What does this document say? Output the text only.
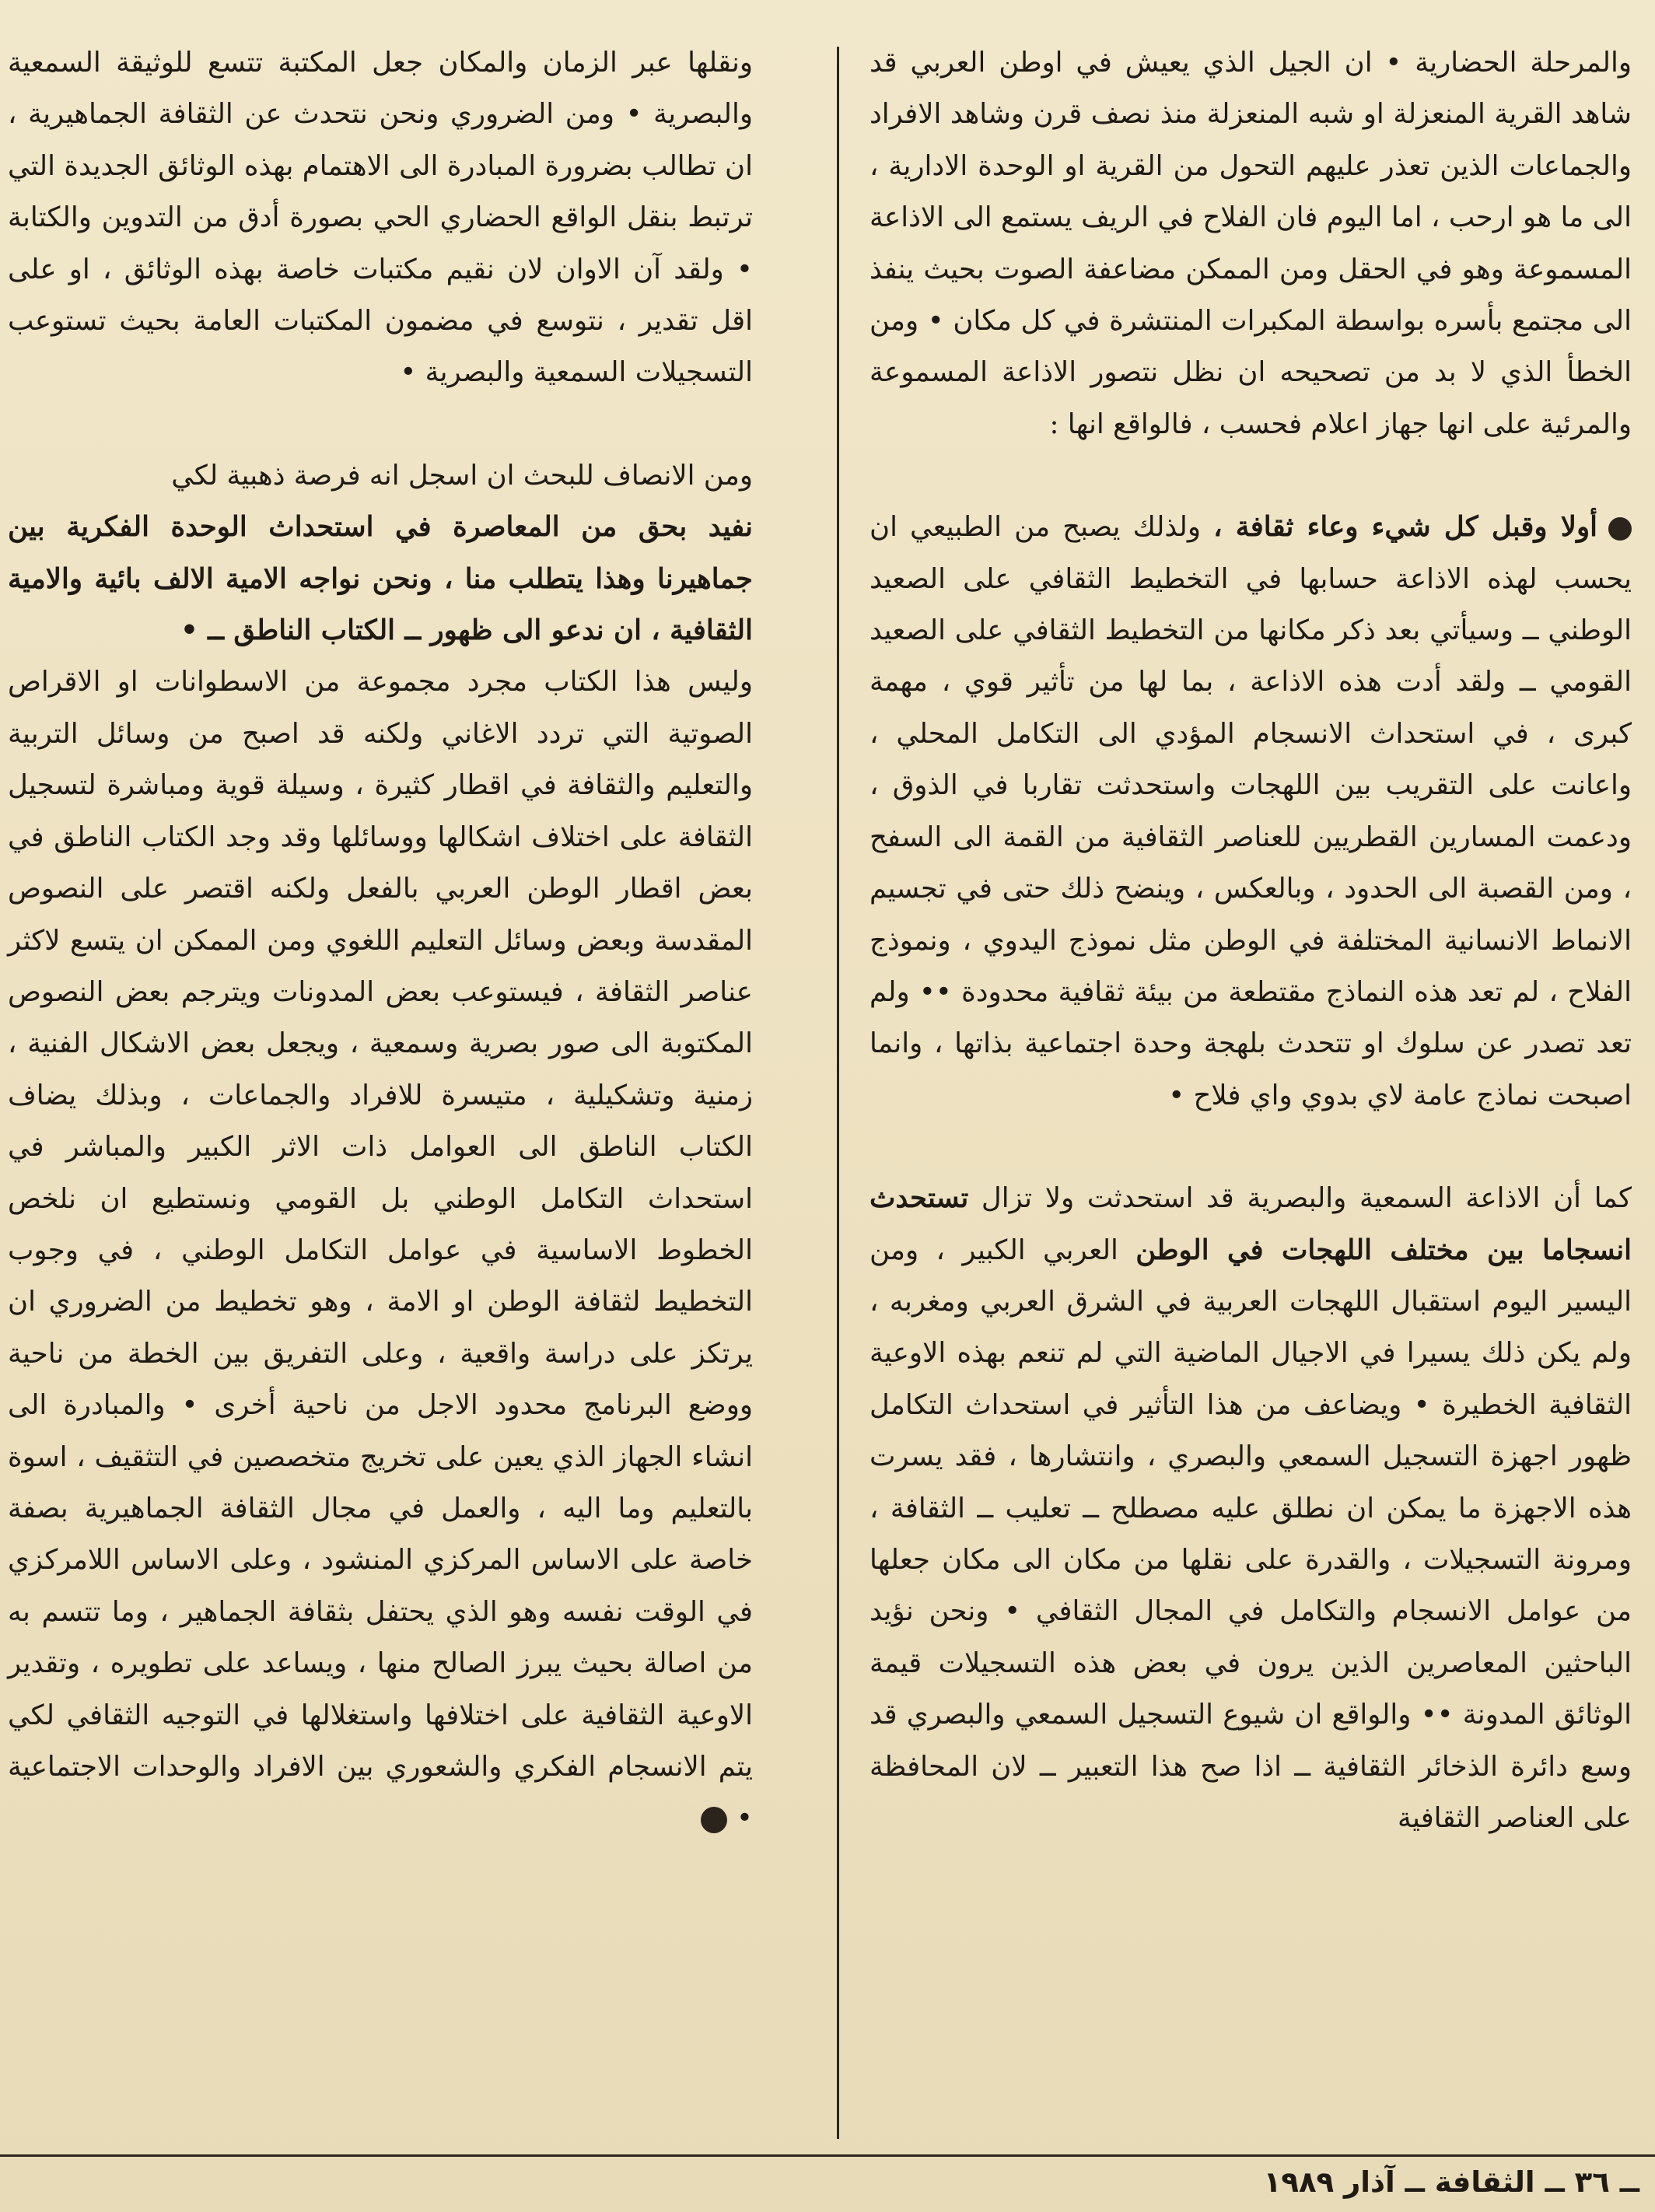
والمرحلة الحضارية • ان الجيل الذي يعيش في اوطن العربي قد شاهد القرية المنعزلة او شبه المنعزلة منذ نصف قرن وشاهد الافراد والجماعات الذين تعذر عليهم التحول من القرية او الوحدة الادارية ، الى ما هو ارحب ، اما اليوم فان الفلاح في الريف يستمع الى الاذاعة المسموعة وهو في الحقل ومن الممكن مضاعفة الصوت بحيث ينفذ الى مجتمع بأسره بواسطة المكبرات المنتشرة في كل مكان • ومن الخطأ الذي لا بد من تصحيحه ان نظل نتصور الاذاعة المسموعة والمرئية على انها جهاز اعلام فحسب ، فالواقع انها :

أولا وقبل كل شيء وعاء ثقافة ، ولذلك يصبح من الطبيعي ان يحسب لهذه الاذاعة حسابها في التخطيط الثقافي على الصعيد الوطني ــ وسيأتي بعد ذكر مكانها من التخطيط الثقافي على الصعيد القومي ــ ولقد أدت هذه الاذاعة ، بما لها من تأثير قوي ، مهمة كبرى ، في استحداث الانسجام المؤدي الى التكامل المحلي ، واعانت على التقريب بين اللهجات واستحدثت تقاربا في الذوق ، ودعمت المسارين القطريين للعناصر الثقافية من القمة الى السفح ، ومن القصبة الى الحدود ، وبالعكس ، وينضح ذلك حتى في تجسيم الانماط الانسانية المختلفة في الوطن مثل نموذج اليدوي ، ونموذج الفلاح ، لم تعد هذه النماذج مقتطعة من بيئة ثقافية محدودة •• ولم تعد تصدر عن سلوك او تتحدث بلهجة وحدة اجتماعية بذاتها ، وانما اصبحت نماذج عامة لاي بدوي واي فلاح •

كما أن الاذاعة السمعية والبصرية قد استحدثت ولا تزال تستحدث انسجاما بين مختلف اللهجات في الوطن العربي الكبير ، ومن اليسير اليوم استقبال اللهجات العربية في الشرق العربي ومغربه ، ولم يكن ذلك يسيرا في الاجيال الماضية التي لم تنعم بهذه الاوعية الثقافية الخطيرة • ويضاعف من هذا التأثير في استحداث التكامل ظهور اجهزة التسجيل السمعي والبصري ، وانتشارها ، فقد يسرت هذه الاجهزة ما يمكن ان نطلق عليه مصطلح ــ تعليب ــ الثقافة ، ومرونة التسجيلات ، والقدرة على نقلها من مكان الى مكان جعلها من عوامل الانسجام والتكامل في المجال الثقافي • ونحن نؤيد الباحثين المعاصرين الذين يرون في بعض هذه التسجيلات قيمة الوثائق المدونة •• والواقع ان شيوع التسجيل السمعي والبصري قد وسع دائرة الذخائر الثقافية ــ اذا صح هذا التعبير ــ لان المحافظة على العناصر الثقافية

ونقلها عبر الزمان والمكان جعل المكتبة تتسع للوثيقة السمعية والبصرية • ومن الضروري ونحن نتحدث عن الثقافة الجماهيرية ، ان تطالب بضرورة المبادرة الى الاهتمام بهذه الوثائق الجديدة التي ترتبط بنقل الواقع الحضاري الحي بصورة أدق من التدوين والكتابة • ولقد آن الاوان لان نقيم مكتبات خاصة بهذه الوثائق ، او على اقل تقدير ، نتوسع في مضمون المكتبات العامة بحيث تستوعب التسجيلات السمعية والبصرية •

ومن الانصاف للبحث ان اسجل انه فرصة ذهبية لكي

نفيد بحق من المعاصرة في استحداث الوحدة الفكرية بين جماهيرنا وهذا يتطلب منا ، ونحن نواجه الامية الالف بائية والامية الثقافية ، ان ندعو الى ظهور ــ الكتاب الناطق ــ •

وليس هذا الكتاب مجرد مجموعة من الاسطوانات او الاقراص الصوتية التي تردد الاغاني ولكنه قد اصبح من وسائل التربية والتعليم والثقافة في اقطار كثيرة ، وسيلة قوية ومباشرة لتسجيل الثقافة على اختلاف اشكالها ووسائلها وقد وجد الكتاب الناطق في بعض اقطار الوطن العربي بالفعل ولكنه اقتصر على النصوص المقدسة وبعض وسائل التعليم اللغوي ومن الممكن ان يتسع لاكثر عناصر الثقافة ، فيستوعب بعض المدونات ويترجم بعض النصوص المكتوبة الى صور بصرية وسمعية ، ويجعل بعض الاشكال الفنية ، زمنية وتشكيلية ، متيسرة للافراد والجماعات ، وبذلك يضاف الكتاب الناطق الى العوامل ذات الاثر الكبير والمباشر في استحداث التكامل الوطني بل القومي ونستطيع ان نلخص الخطوط الاساسية في عوامل التكامل الوطني ، في وجوب التخطيط لثقافة الوطن او الامة ، وهو تخطيط من الضروري ان يرتكز على دراسة واقعية ، وعلى التفريق بين الخطة من ناحية ووضع البرنامج محدود الاجل من ناحية أخرى • والمبادرة الى انشاء الجهاز الذي يعين على تخريج متخصصين في التثقيف ، اسوة بالتعليم وما اليه ، والعمل في مجال الثقافة الجماهيرية بصفة خاصة على الاساس المركزي المنشود ، وعلى الاساس اللامركزي في الوقت نفسه وهو الذي يحتفل بثقافة الجماهير ، وما تتسم به من اصالة بحيث يبرز الصالح منها ، ويساعد على تطويره ، وتقدير الاوعية الثقافية على اختلافها واستغلالها في التوجيه الثقافي لكي يتم الانسجام الفكري والشعوري بين الافراد والوحدات الاجتماعية •

ــ ٣٦ ــ الثقافة ــ آذار ١٩٨٩
